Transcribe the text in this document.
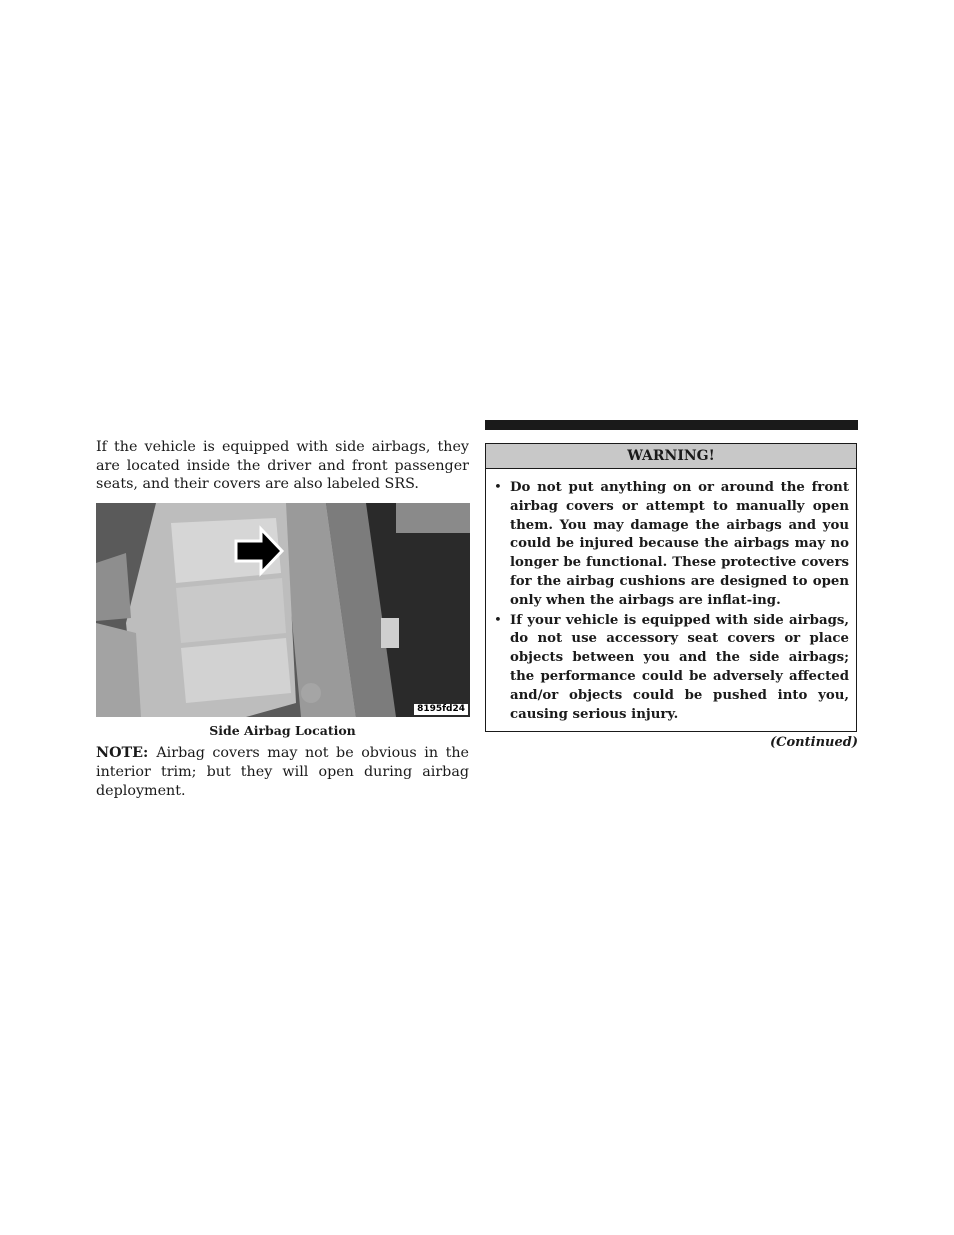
If the vehicle is equipped with side airbags, they are located inside the driver and front passenger seats, and their covers are also labeled SRS.

8195fd24
Side Airbag Location

NOTE: Airbag covers may not be obvious in the interior trim; but they will open during airbag deployment.

WARNING!
• Do not put anything on or around the front airbag covers or attempt to manually open them. You may damage the airbags and you could be injured because the airbags may no longer be functional. These protective covers for the airbag cushions are designed to open only when the airbags are inflat-ing.
• If your vehicle is equipped with side airbags, do not use accessory seat covers or place objects between you and the side airbags; the performance could be adversely affected and/or objects could be pushed into you, causing serious injury.
(Continued)
